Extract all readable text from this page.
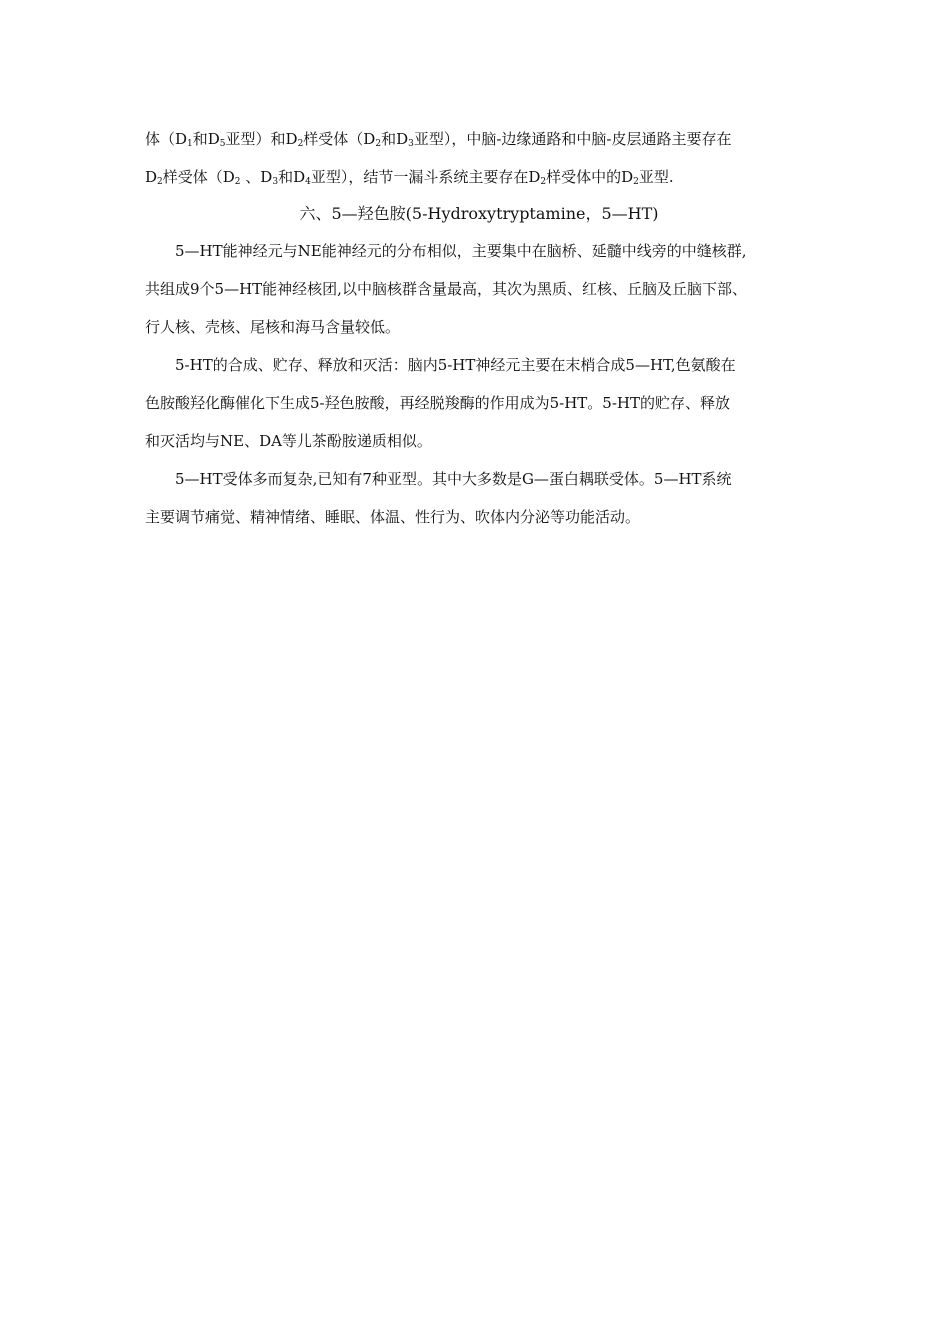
体（$D_1$和$D_5$亚型）和$D_2$样受体（$D_2$和$D_3$亚型），中脑-边缘通路和中脑-皮层通路主要存在
$D_2$样受体（$D_2$ 、$D_3$和$D_4$亚型），结节一漏斗系统主要存在$D_2$样受体中的$D_2$亚型.
六、5—羟色胺(5-Hydroxytryptamine，5—HT)
5—HT能神经元与NE能神经元的分布相似，主要集中在脑桥、延髓中线旁的中缝核群,
共组成9个5—HT能神经核团,以中脑核群含量最高，其次为黑质、红核、丘脑及丘脑下部、
行人核、壳核、尾核和海马含量较低。
5-HT的合成、贮存、释放和灭活：脑内5-HT神经元主要在末梢合成5—HT,色氨酸在
色胺酸羟化酶催化下生成5-羟色胺酸，再经脱羧酶的作用成为5-HT。5-HT的贮存、释放
和灭活均与NE、DA等儿茶酚胺递质相似。
5—HT受体多而复杂,已知有7种亚型。其中大多数是G—蛋白耦联受体。5—HT系统
主要调节痛觉、精神情绪、睡眠、体温、性行为、吹体内分泌等功能活动。
